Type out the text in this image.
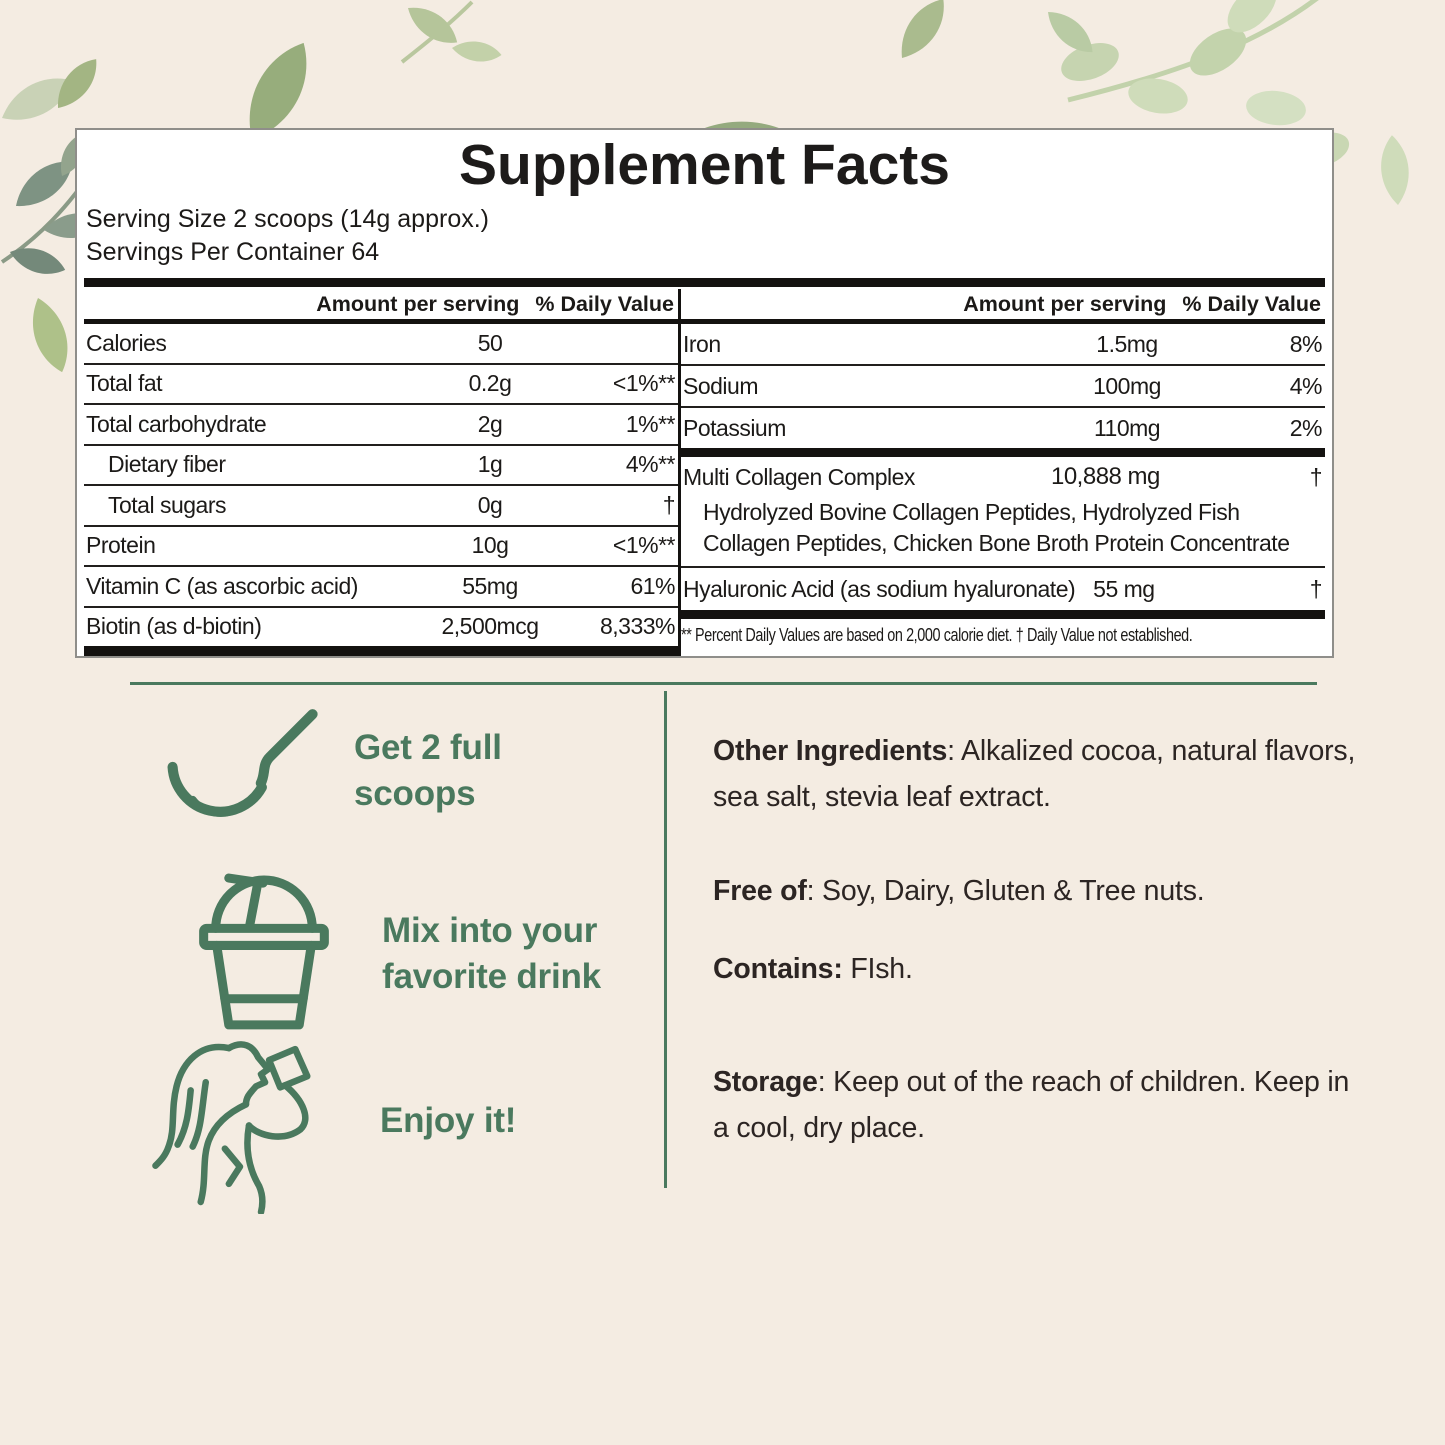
Supplement Facts
Serving Size 2 scoops (14g approx.)
Servings Per Container 64
Amount per serving % Daily Value
Calories	50
Total fat	0.2g	<1%**
Total carbohydrate	2g	1%**
Dietary fiber	1g	4%**
Total sugars	0g	†
Protein	10g	<1%**
Vitamin C (as ascorbic acid)	55mg	61%
Biotin (as d-biotin)	2,500mcg	8,333%
Amount per serving % Daily Value
Iron	1.5mg	8%
Sodium	100mg	4%
Potassium	110mg	2%
Multi Collagen Complex	10,888 mg	†
Hydrolyzed Bovine Collagen Peptides, Hydrolyzed Fish Collagen Peptides, Chicken Bone Broth Protein Concentrate
Hyaluronic Acid (as sodium hyaluronate) 55 mg	†
** Percent Daily Values are based on 2,000 calorie diet. † Daily Value not established.
Get 2 full scoops
Mix into your favorite drink
Enjoy it!

Other Ingredients: Alkalized cocoa, natural flavors, sea salt, stevia leaf extract.

Free of: Soy, Dairy, Gluten & Tree nuts.

Contains: FIsh.

Storage: Keep out of the reach of children. Keep in a cool, dry place.
